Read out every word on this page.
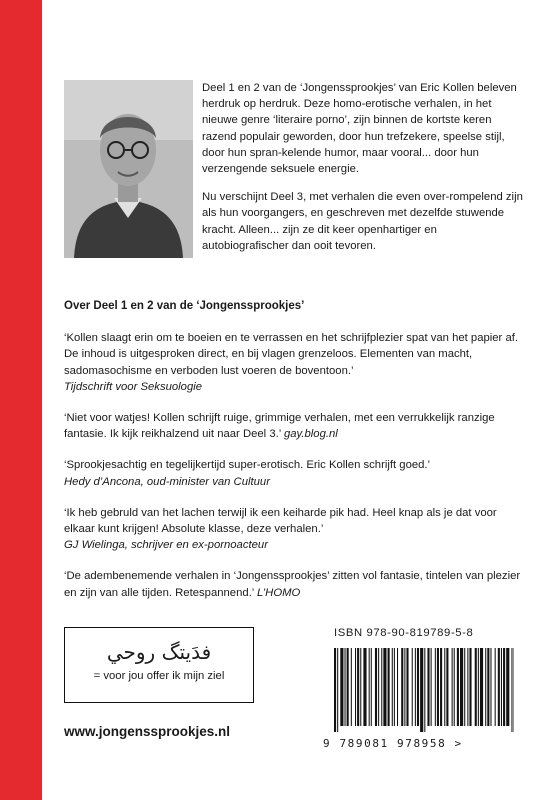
Deel 1 en 2 van de ‘Jongenssprookjes’ van Eric Kollen beleven herdruk op herdruk. Deze homo-erotische verhalen, in het nieuwe genre ‘literaire porno’, zijn binnen de kortste keren razend populair geworden, door hun trefzekere, speelse stijl, door hun spran-kelende humor, maar vooral... door hun verzengende seksuele energie.

Nu verschijnt Deel 3, met verhalen die even over-rompelend zijn als hun voorgangers, en geschreven met dezelfde stuwende kracht. Alleen... zijn ze dit keer openhartiger en autobiografischer dan ooit tevoren.

Over Deel 1 en 2 van de ‘Jongenssprookjes’
‘Kollen slaagt erin om te boeien en te verrassen en het schrijfplezier spat van het papier af. De inhoud is uitgesproken direct, en bij vlagen grenzeloos. Elementen van macht, sadomasochisme en verboden lust voeren de boventoon.’
Tijdschrift voor Seksuologie
‘Niet voor watjes! Kollen schrijft ruige, grimmige verhalen, met een verrukkelijk ranzige fantasie. Ik kijk reikhalzend uit naar Deel 3.’ gay.blog.nl
‘Sprookjesachtig en tegelijkertijd super-erotisch. Eric Kollen schrijft goed.’
Hedy d’Ancona, oud-minister van Cultuur
‘Ik heb gebruld van het lachen terwijl ik een keiharde pik had. Heel knap als je dat voor elkaar kunt krijgen! Absolute klasse, deze verhalen.’
GJ Wielinga, schrijver en ex-pornoacteur
‘De adembenemende verhalen in ‘Jongenssprookjes’ zitten vol fantasie, tintelen van plezier en zijn van alle tijden. Retespannend.’ L’HOMO
فدَيتگ روحي
= voor jou offer ik mijn ziel
www.jongenssprookjes.nl
ISBN 978-90-819789-5-8
9 789081 978958 >
